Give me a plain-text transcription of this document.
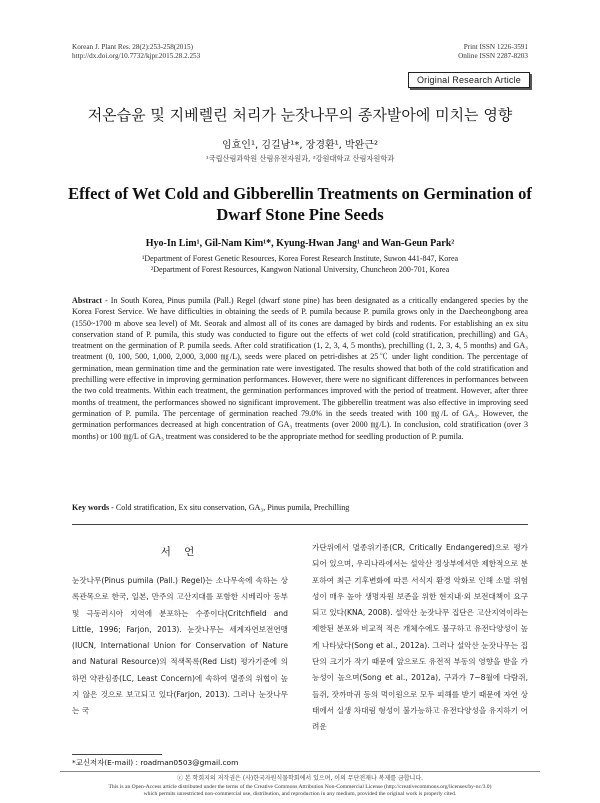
Korean J. Plant Res. 28(2):253-258(2015)
http://dx.doi.org/10.7732/kjpr.2015.28.2.253
Print ISSN 1226-3591
Online ISSN 2287-8203
Original Research Article
저온습윤 및 지베렐린 처리가 눈잣나무의 종자발아에 미치는 영향
임효인¹, 김길남¹*, 장경환¹, 박완근²
¹국립산림과학원 산림유전자원과, ²강원대학교 산림자원학과
Effect of Wet Cold and Gibberellin Treatments on Germination of
Dwarf Stone Pine Seeds
Hyo-In Lim¹, Gil-Nam Kim¹*, Kyung-Hwan Jang¹ and Wan-Geun Park²
¹Department of Forest Genetic Resources, Korea Forest Research Institute, Suwon 441-847, Korea
²Department of Forest Resources, Kangwon National University, Chuncheon 200-701, Korea
Abstract - In South Korea, Pinus pumila (Pall.) Regel (dwarf stone pine) has been designated as a critically endangered species by the Korea Forest Service. We have difficulties in obtaining the seeds of P. pumila because P. pumila grows only in the Daecheongbong area (1550~1700 m above sea level) of Mt. Seorak and almost all of its cones are damaged by birds and rodents. For establishing an ex situ conservation stand of P. pumila, this study was conducted to figure out the effects of wet cold (cold stratification, prechilling) and GA₃ treatment on the germination of P. pumila seeds. After cold stratification (1, 2, 3, 4, 5 months), prechilling (1, 2, 3, 4, 5 months) and GA₃ treatment (0, 100, 500, 1,000, 2,000, 3,000 ㎎/L), seeds were placed on petri-dishes at 25℃ under light condition. The percentage of germination, mean germination time and the germination rate were investigated. The results showed that both of the cold stratification and prechilling were effective in improving germination performances. However, there were no significant differences in performances between the two cold treatments. Within each treatment, the germination performances improved with the period of treatment. However, after three months of treatment, the performances showed no significant improvement. The gibberellin treatment was also effective in improving seed germination of P. pumila. The percentage of germination reached 79.0% in the seeds treated with 100 ㎎/L of GA₃. However, the germination performances decreased at high concentration of GA₃ treatments (over 2000 ㎎/L). In conclusion, cold stratification (over 3 months) or 100 ㎎/L of GA₃ treatment was considered to be the appropriate method for seedling production of P. pumila.
Key words - Cold stratification, Ex situ conservation, GA₃, Pinus pumila, Prechilling
서 언
눈잣나무(Pinus pumila (Pall.) Regel)는 소나무속에 속하는 상록관목으로 한국, 일본, 만주의 고산지대를 포함한 시베리아 동부 및 극동러시아 지역에 분포하는 수종이다(Critchfield and Little, 1996; Farjon, 2013). 눈잣나무는 세계자연보전연맹(IUCN, International Union for Conservation of Nature and Natural Resource)의 적색목록(Red List) 평가기준에 의하면 약관심종(LC, Least Concern)에 속하여 멸종의 위협이 높지 않은 것으로 보고되고 있다(Farjon, 2013). 그러나 눈잣나무는 국
가단위에서 멸종위기종(CR, Critically Endangered)으로 평가되어 있으며, 우리나라에서는 설악산 정상부에서만 제한적으로 분포하여 최근 기후변화에 따른 서식지 환경 악화로 인해 소멸 위험성이 매우 높아 생명자원 보존을 위한 현지내·외 보전대책이 요구되고 있다(KNA, 2008). 설악산 눈잣나무 집단은 고산지역이라는 제한된 분포와 비교적 적은 개체수에도 불구하고 유전다양성이 높게 나타났다(Song et al., 2012a). 그러나 설악산 눈잣나무는 집단의 크기가 작기 때문에 앞으로도 유전적 부동의 영향을 받을 가능성이 높으며(Song et al., 2012a), 구과가 7~8월에 다람쥐, 들쥐, 잣까마귀 등의 먹이원으로 모두 피해를 받기 때문에 자연 상태에서 실생 차대림 형성이 불가능하고 유전다양성을 유지하기 어려운
*교신저자(E-mail) : roadman0503@gmail.com
ⓒ 본 학회지의 저작권은 (사)한국자원식물학회에서 있으며, 이의 무단전재나 복제를 금합니다.
This is an Open-Access article distributed under the terms of the Creative Commons Attribution Non-Commercial License (http://creativecommons.org/licenses/by-nc/3.0)
which permits unrestricted non-commercial use, distribution, and reproduction in any medium, provided the original work is properly cited.
